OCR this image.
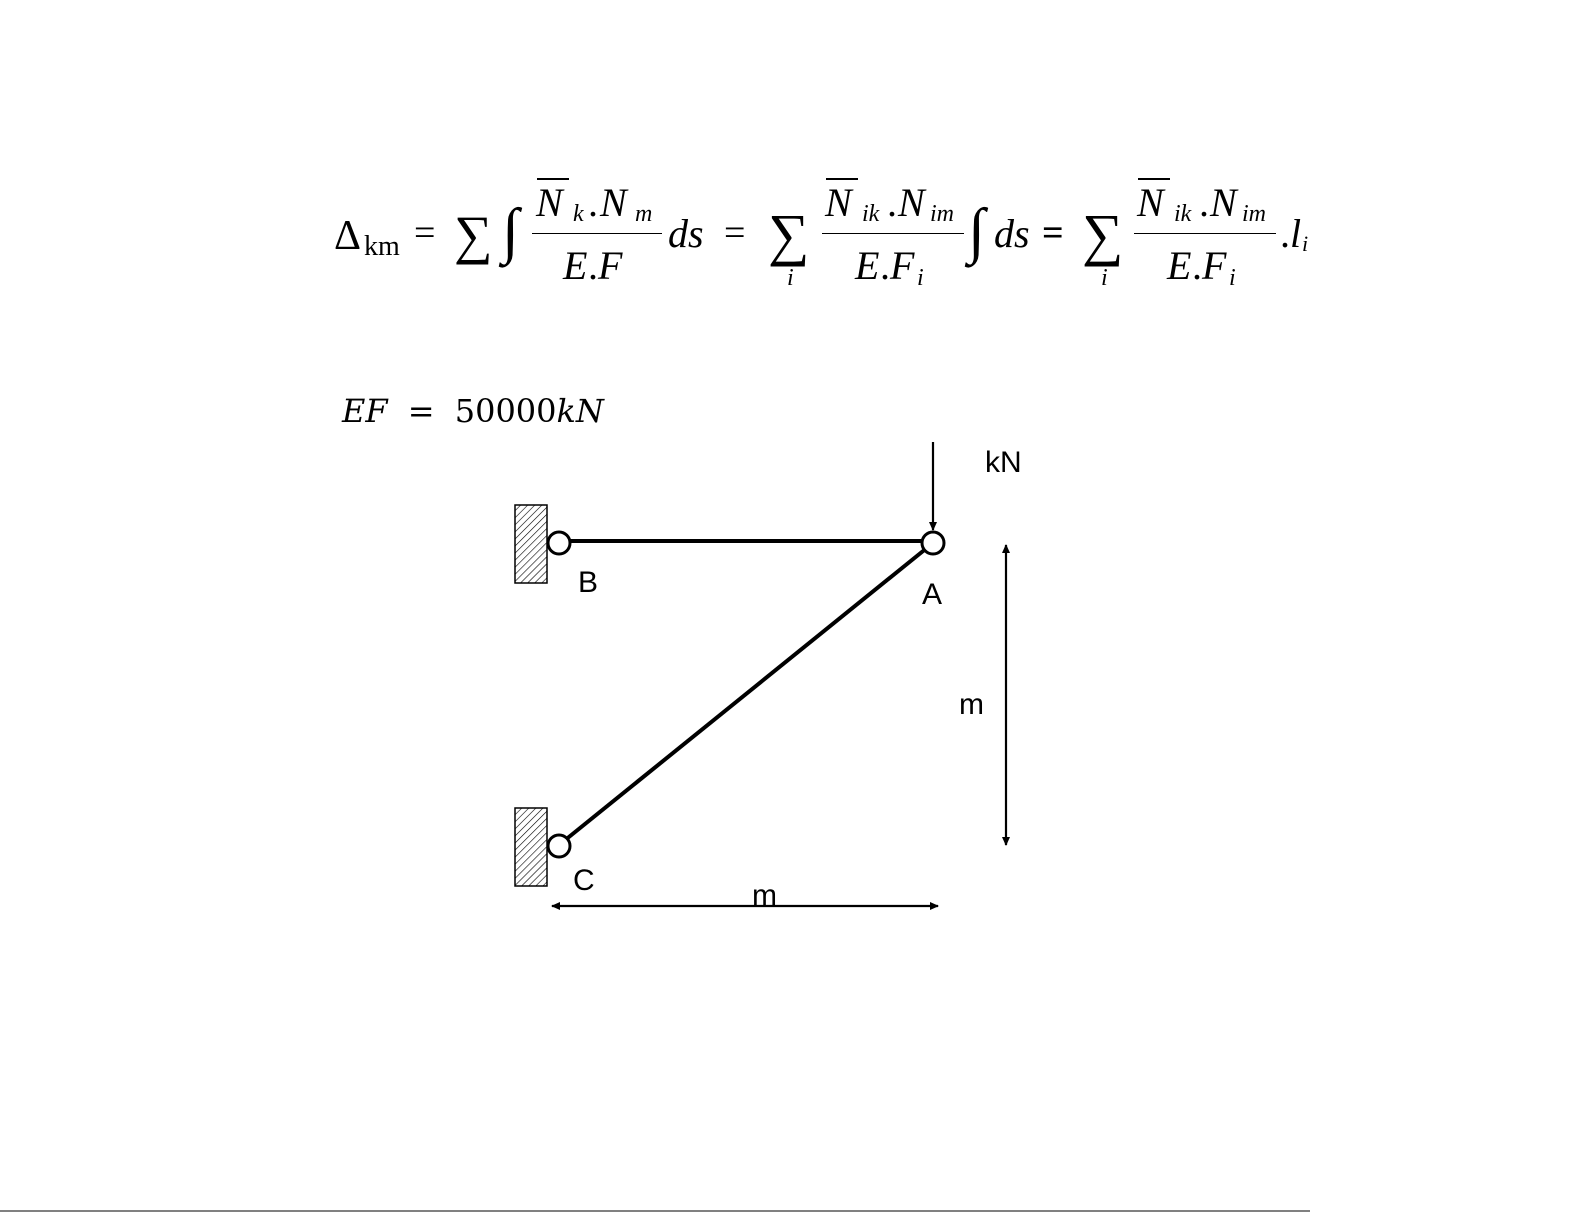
Δ km = ∑ ∫ N k . N m
E . F
ds = ∑
i
N ik . N im
E . F i
∫ ds = ∑
i
N ik . N im
E . F i
. l i
EF = 50000kN
kN
B	A
m
C	m
